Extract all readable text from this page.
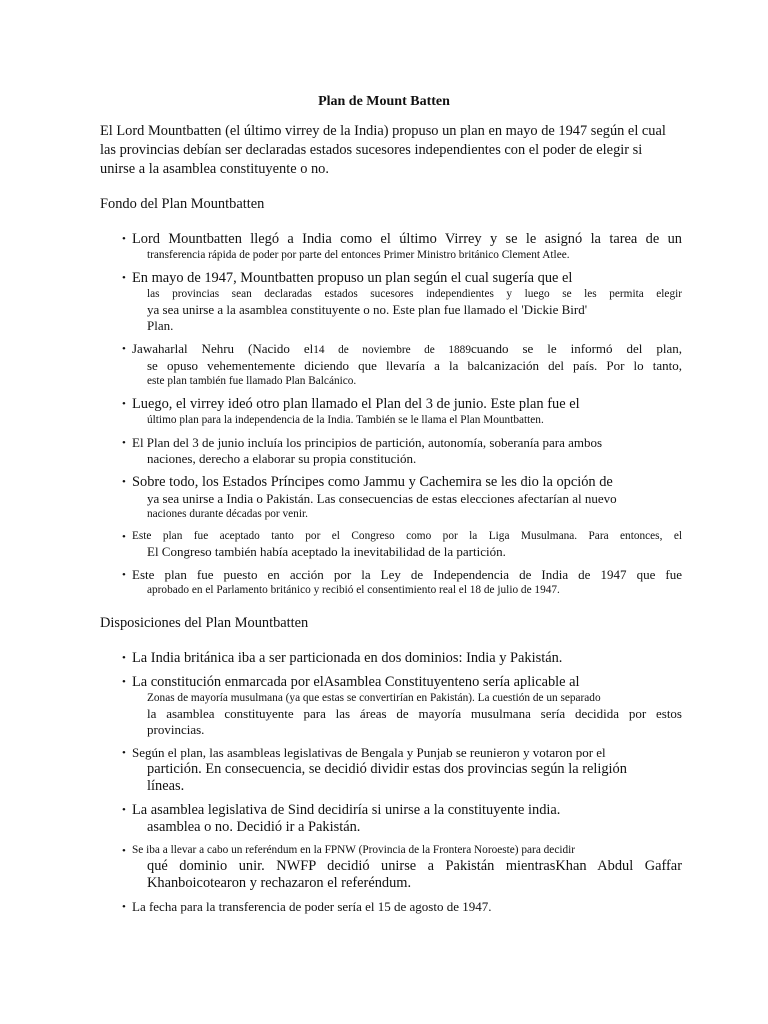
Plan de Mount Batten
El Lord Mountbatten (el último virrey de la India) propuso un plan en mayo de 1947 según el cual
las provincias debían ser declaradas estados sucesores independientes con el poder de elegir si
unirse a la asamblea constituyente o no.
Fondo del Plan Mountbatten
• Lord Mountbatten llegó a India como el último Virrey y se le asignó la tarea de un
transferencia rápida de poder por parte del entonces Primer Ministro británico Clement Atlee.
• En mayo de 1947, Mountbatten propuso un plan según el cual sugería que el
las provincias sean declaradas estados sucesores independientes y luego se les permita elegir
ya sea unirse a la asamblea constituyente o no. Este plan fue llamado el 'Dickie Bird'
Plan.
• Jawaharlal Nehru (Nacido el14 de noviembre de 1889cuando se le informó del plan,
se opuso vehementemente diciendo que llevaría a la balcanización del país. Por lo tanto,
este plan también fue llamado Plan Balcánico.
• Luego, el virrey ideó otro plan llamado el Plan del 3 de junio. Este plan fue el
último plan para la independencia de la India. También se le llama el Plan Mountbatten.
• El Plan del 3 de junio incluía los principios de partición, autonomía, soberanía para ambos
naciones, derecho a elaborar su propia constitución.
• Sobre todo, los Estados Príncipes como Jammu y Cachemira se les dio la opción de
ya sea unirse a India o Pakistán. Las consecuencias de estas elecciones afectarían al nuevo
naciones durante décadas por venir.
• Este plan fue aceptado tanto por el Congreso como por la Liga Musulmana. Para entonces, el
El Congreso también había aceptado la inevitabilidad de la partición.
• Este plan fue puesto en acción por la Ley de Independencia de India de 1947 que fue
aprobado en el Parlamento británico y recibió el consentimiento real el 18 de julio de 1947.
Disposiciones del Plan Mountbatten
• La India británica iba a ser particionada en dos dominios: India y Pakistán.
• La constitución enmarcada por elAsamblea Constituyenteno sería aplicable al
Zonas de mayoría musulmana (ya que estas se convertirían en Pakistán). La cuestión de un separado
la asamblea constituyente para las áreas de mayoría musulmana sería decidida por estos
provincias.
• Según el plan, las asambleas legislativas de Bengala y Punjab se reunieron y votaron por el
partición. En consecuencia, se decidió dividir estas dos provincias según la religión
líneas.
• La asamblea legislativa de Sind decidiría si unirse a la constituyente india.
asamblea o no. Decidió ir a Pakistán.
• Se iba a llevar a cabo un referéndum en la FPNW (Provincia de la Frontera Noroeste) para decidir
qué dominio unir. NWFP decidió unirse a Pakistán mientrasKhan Abdul Gaffar
Khanboicotearon y rechazaron el referéndum.
• La fecha para la transferencia de poder sería el 15 de agosto de 1947.
